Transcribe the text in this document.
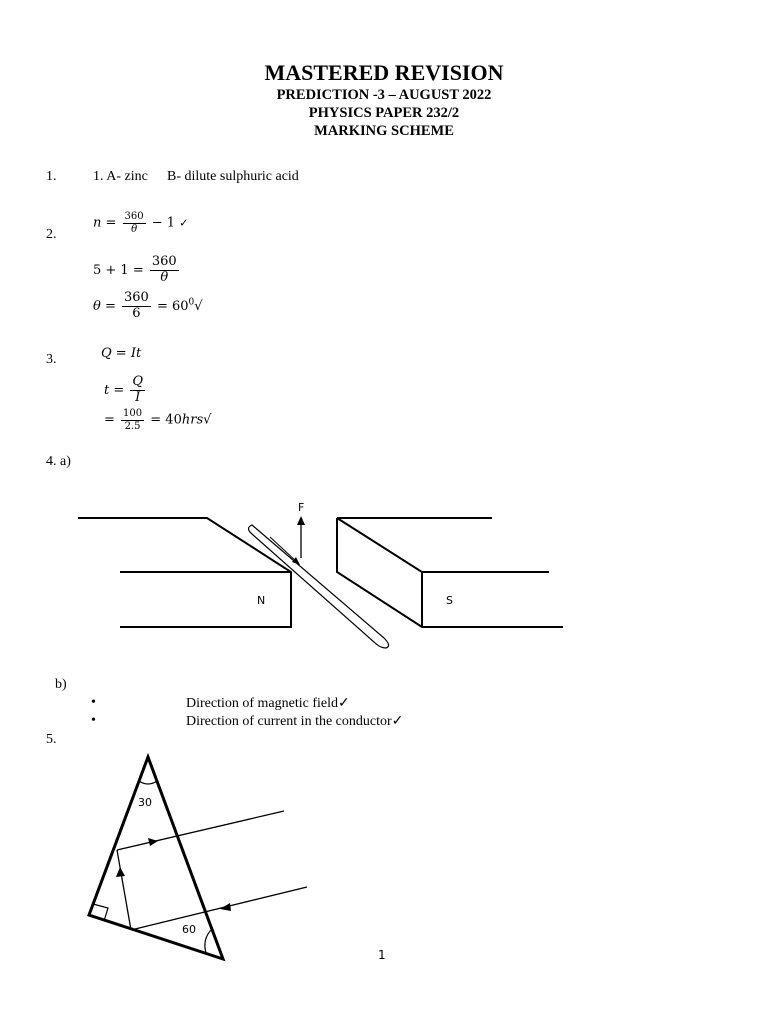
MASTERED REVISION
PREDICTION -3 – AUGUST 2022
PHYSICS PAPER 232/2
MARKING SCHEME
1.	1. A- zinc B- dilute sulphuric acid
2.
$n = \frac{360}{\theta} - 1$ ✓
$5 + 1 = \frac{360}{\theta}$
$\theta = \frac{360}{6} = 60^0√$
3.	Q = It
$t = \frac{Q}{I}$
= $\frac{100}{2.5} = 40hrs√$
4. a)
F
N	S
b)
•	Direction of magnetic field✓
•	Direction of current in the conductor✓
5.
30
60
1
